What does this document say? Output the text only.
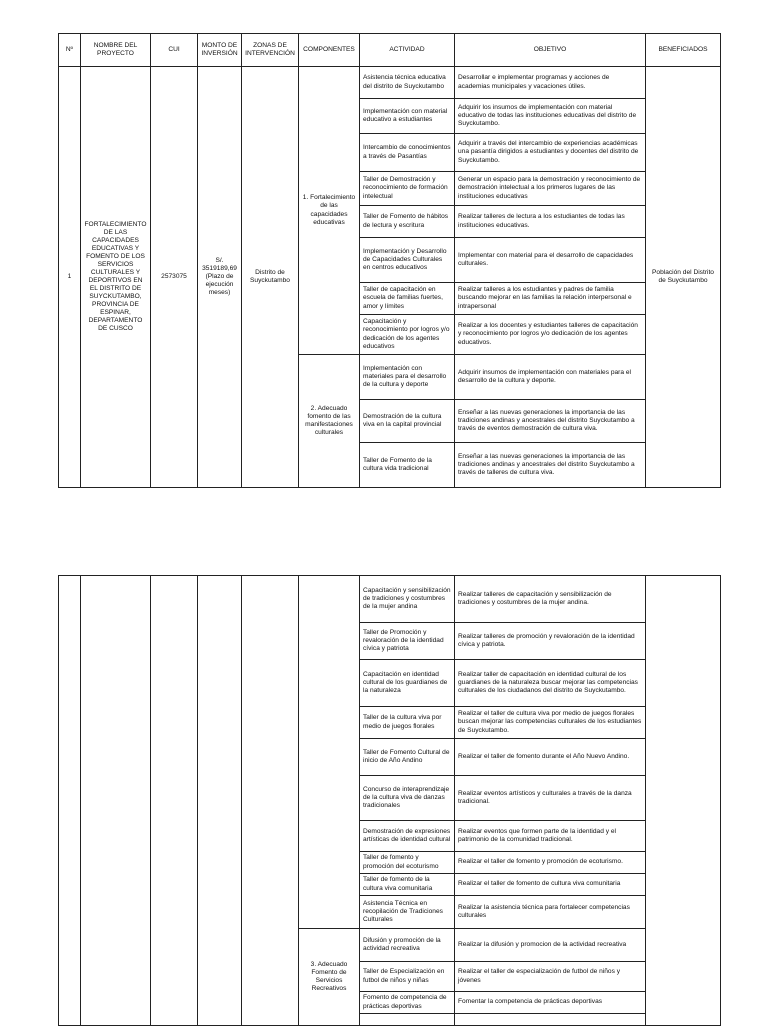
Nº	NOMBRE DEL PROYECTO	CUI	MONTO DE INVERSIÓN	ZONAS DE INTERVENCIÓN	COMPONENTES	ACTIVIDAD	OBJETIVO	BENEFICIADOS
1	FORTALECIMIENTO DE LAS CAPACIDADES EDUCATIVAS Y FOMENTO DE LOS SERVICIOS CULTURALES Y DEPORTIVOS EN EL DISTRITO DE SUYCKUTAMBO, PROVINCIA DE ESPINAR, DEPARTAMENTO DE CUSCO	2573075	S/. 3519189,69 (Plazo de ejecución meses)	Distrito de Suyckutambo	1. Fortalecimiento de las capacidades educativas	Asistencia técnica educativa del distrito de Suyckutambo	Desarrollar e implementar programas y acciones de academias municipales y vacaciones útiles.	Población del Distrito de Suyckutambo
						Implementación con material educativo a estudiantes	Adquirir los insumos de implementación con material educativo de todas las instituciones educativas del distrito de Suyckutambo.	
						Intercambio de conocimientos a través de Pasantías	Adquirir a través del intercambio de experiencias académicas una pasantía dirigidos a estudiantes y docentes del distrito de Suyckutambo.	
						Taller de Demostración y reconocimiento de formación intelectual	Generar un espacio para la demostración y reconocimiento de demostración intelectual a los primeros lugares de las instituciones educativas	
						Taller de Fomento de hábitos de lectura y escritura	Realizar talleres de lectura a los estudiantes de todas las instituciones educativas.	
						Implementación y Desarrollo de Capacidades Culturales en centros educativos	Implementar con material para el desarrollo de capacidades culturales.	
						Taller de capacitación en escuela de familias fuertes, amor y límites	Realizar talleres a los estudiantes y padres de familia buscando mejorar en las familias la relación interpersonal e intrapersonal	
						Capacitación y reconocimiento por logros y/o dedicación de los agentes educativos	Realizar a los docentes y estudiantes talleres de capacitación y reconocimiento por logros y/o dedicación de los agentes educativos.	
					2. Adecuado fomento de las manifestaciones culturales	Implementación con materiales para el desarrollo de la cultura y deporte	Adquirir insumos de implementación con materiales para el desarrollo de la cultura y deporte.	
						Demostración de la cultura viva en la capital provincial	Enseñar a las nuevas generaciones la importancia de las tradiciones andinas y ancestrales del distrito Suyckutambo a través de eventos demostración de cultura viva.	
						Taller de Fomento de la cultura vida tradicional	Enseñar a las nuevas generaciones la importancia de las tradiciones andinas y ancestrales del distrito Suyckutambo a través de talleres de cultura viva.	
						Capacitación y sensibilización de tradiciones y costumbres de la mujer andina	Realizar talleres de capacitación y sensibilización de tradiciones y costumbres de la mujer andina.	
						Taller de Promoción y revaloración de la identidad cívica y patriota	Realizar talleres de promoción y revaloración de la identidad cívica y patriota.	
						Capacitación en identidad cultural de los guardianes de la naturaleza	Realizar taller de capacitación en identidad cultural de los guardianes de la naturaleza buscar mejorar las competencias culturales de los ciudadanos del distrito de Suyckutambo.	
						Taller de la cultura viva por medio de juegos florales	Realizar el taller de cultura viva por medio de juegos florales buscan mejorar las competencias culturales de los estudiantes de Suyckutambo.	
						Taller de Fomento Cultural de inicio de Año Andino	Realizar el taller de fomento durante el Año Nuevo Andino.	
						Concurso de interaprendizaje de la cultura viva de danzas tradicionales	Realizar eventos artísticos y culturales a través de la danza tradicional.	
						Demostración de expresiones artísticas de identidad cultural	Realizar eventos que formen parte de la identidad y el patrimonio de la comunidad tradicional.	
						Taller de fomento y promoción del ecoturismo	Realizar el taller de fomento y promoción de ecoturismo.	
						Taller de fomento de la cultura viva comunitaria	Realizar el taller de fomento de cultura viva comunitaria	
						Asistencia Técnica en recopilación de Tradiciones Culturales	Realizar la asistencia técnica para fortalecer competencias culturales	
					3. Adecuado Fomento de Servicios Recreativos	Difusión y promoción de la actividad recreativa	Realizar la difusión y promocion de la actividad recreativa	
						Taller de Especialización en futbol de niños y niñas	Realizar el taller de especialización de futbol de niños y jóvenes	
						Fomento de competencia de prácticas deportivas	Fomentar la competencia de prácticas deportivas	
